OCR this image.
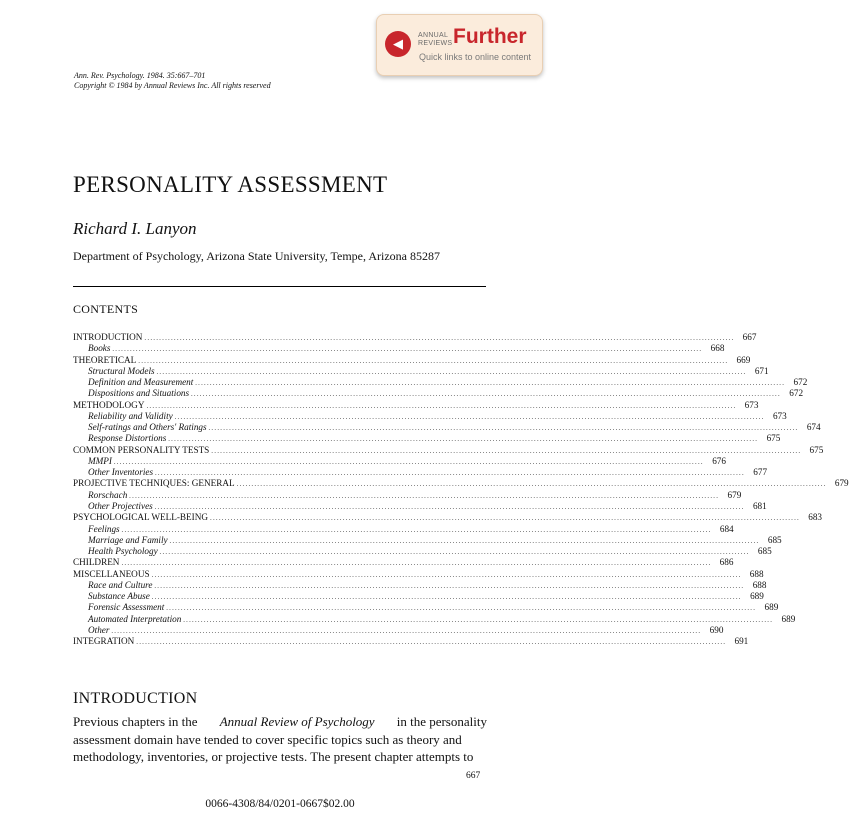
◀
ANNUAL
REVIEWS Further
Quick links to online content
Ann. Rev. Psychology. 1984. 35:667–701
Copyright © 1984 by Annual Reviews Inc. All rights reserved
PERSONALITY ASSESSMENT
Richard I. Lanyon
Department of Psychology, Arizona State University, Tempe, Arizona 85287
CONTENTS
INTRODUCTION ........................................................................................................................................................................................................ 667
Books ........................................................................................................................................................................................................ 668
THEORETICAL ........................................................................................................................................................................................................ 669
Structural Models ........................................................................................................................................................................................................ 671
Definition and Measurement ........................................................................................................................................................................................................ 672
Dispositions and Situations ........................................................................................................................................................................................................ 672
METHODOLOGY ........................................................................................................................................................................................................ 673
Reliability and Validity ........................................................................................................................................................................................................ 673
Self-ratings and Others' Ratings ........................................................................................................................................................................................................ 674
Response Distortions ........................................................................................................................................................................................................ 675
COMMON PERSONALITY TESTS ........................................................................................................................................................................................................ 675
MMPI ........................................................................................................................................................................................................ 676
Other Inventories ........................................................................................................................................................................................................ 677
PROJECTIVE TECHNIQUES: GENERAL ........................................................................................................................................................................................................ 679
Rorschach ........................................................................................................................................................................................................ 679
Other Projectives ........................................................................................................................................................................................................ 681
PSYCHOLOGICAL WELL-BEING ........................................................................................................................................................................................................ 683
Feelings ........................................................................................................................................................................................................ 684
Marriage and Family ........................................................................................................................................................................................................ 685
Health Psychology ........................................................................................................................................................................................................ 685
CHILDREN ........................................................................................................................................................................................................ 686
MISCELLANEOUS ........................................................................................................................................................................................................ 688
Race and Culture ........................................................................................................................................................................................................ 688
Substance Abuse ........................................................................................................................................................................................................ 689
Forensic Assessment ........................................................................................................................................................................................................ 689
Automated Interpretation ........................................................................................................................................................................................................ 689
Other ........................................................................................................................................................................................................ 690
INTEGRATION ........................................................................................................................................................................................................ 691
INTRODUCTION
Previous chapters in the Annual Review of Psychology in the personality
assessment domain have tended to cover specific topics such as theory and
methodology, inventories, or projective tests. The present chapter attempts to
667
0066-4308/84/0201-0667$02.00
